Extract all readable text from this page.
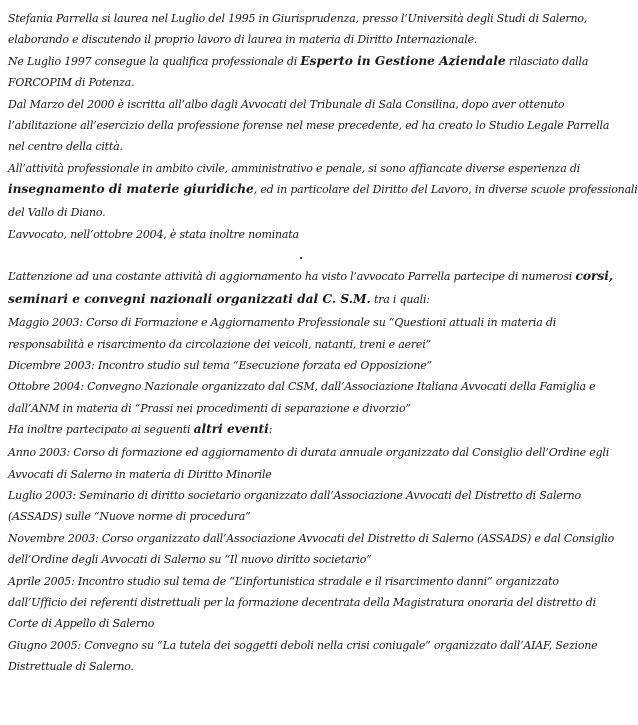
Stefania Parrella si laurea nel Luglio del 1995 in Giurisprudenza, presso l’Università degli Studi di Salerno,
elaborando e discutendo il proprio lavoro di laurea in materia di Diritto Internazionale.
Ne Luglio 1997 consegue la qualifica professionale di Esperto in Gestione Aziendale rilasciato dalla
FORCOPIM di Potenza.
Dal Marzo del 2000 è iscritta all’albo dagli Avvocati del Tribunale di Sala Consilina, dopo aver ottenuto
l’abilitazione all’esercizio della professione forense nel mese precedente, ed ha creato lo Studio Legale Parrella
nel centro della città.
All’attività professionale in ambito civile, amministrativo e penale, si sono affiancate diverse esperienza di
insegnamento di materie giuridiche, ed in particolare del Diritto del Lavoro, in diverse scuole professionali
del Vallo di Diano.
L’avvocato, nell’ottobre 2004, è stata inoltre nominata
.
L’attenzione ad una costante attività di aggiornamento ha visto l’avvocato Parrella partecipe di numerosi corsi,
seminari e convegni nazionali organizzati dal C. S.M. tra i quali:
Maggio 2003: Corso di Formazione e Aggiornamento Professionale su “Questioni attuali in materia di
responsabilità e risarcimento da circolazione dei veicoli, natanti, treni e aerei”
Dicembre 2003: Incontro studio sul tema “Esecuzione forzata ed Opposizione”
Ottobre 2004: Convegno Nazionale organizzato dal CSM, dall’Associazione Italiana Avvocati della Famiglia e
dall’ANM in materia di “Prassi nei procedimenti di separazione e divorzio”
Ha inoltre partecipato ai seguenti altri eventi:
Anno 2003: Corso di formazione ed aggiornamento di durata annuale organizzato dal Consiglio dell’Ordine egli
Avvocati di Salerno in materia di Diritto Minorile
Luglio 2003: Seminario di diritto societario organizzato dall’Associazione Avvocati del Distretto di Salerno
(ASSADS) sulle “Nuove norme di procedura”
Novembre 2003: Corso organizzato dall’Associazione Avvocati del Distretto di Salerno (ASSADS) e dal Consiglio
dell’Ordine degli Avvocati di Salerno su “Il nuovo diritto societario”
Aprile 2005: Incontro studio sul tema de “L’infortunistica stradale e il risarcimento danni” organizzato
dall’Ufficio dei referenti distrettuali per la formazione decentrata della Magistratura onoraria del distretto di
Corte di Appello di Salerno
Giugno 2005: Convegno su “La tutela dei soggetti deboli nella crisi coniugale” organizzato dall’AIAF, Sezione
Distrettuale di Salerno.
